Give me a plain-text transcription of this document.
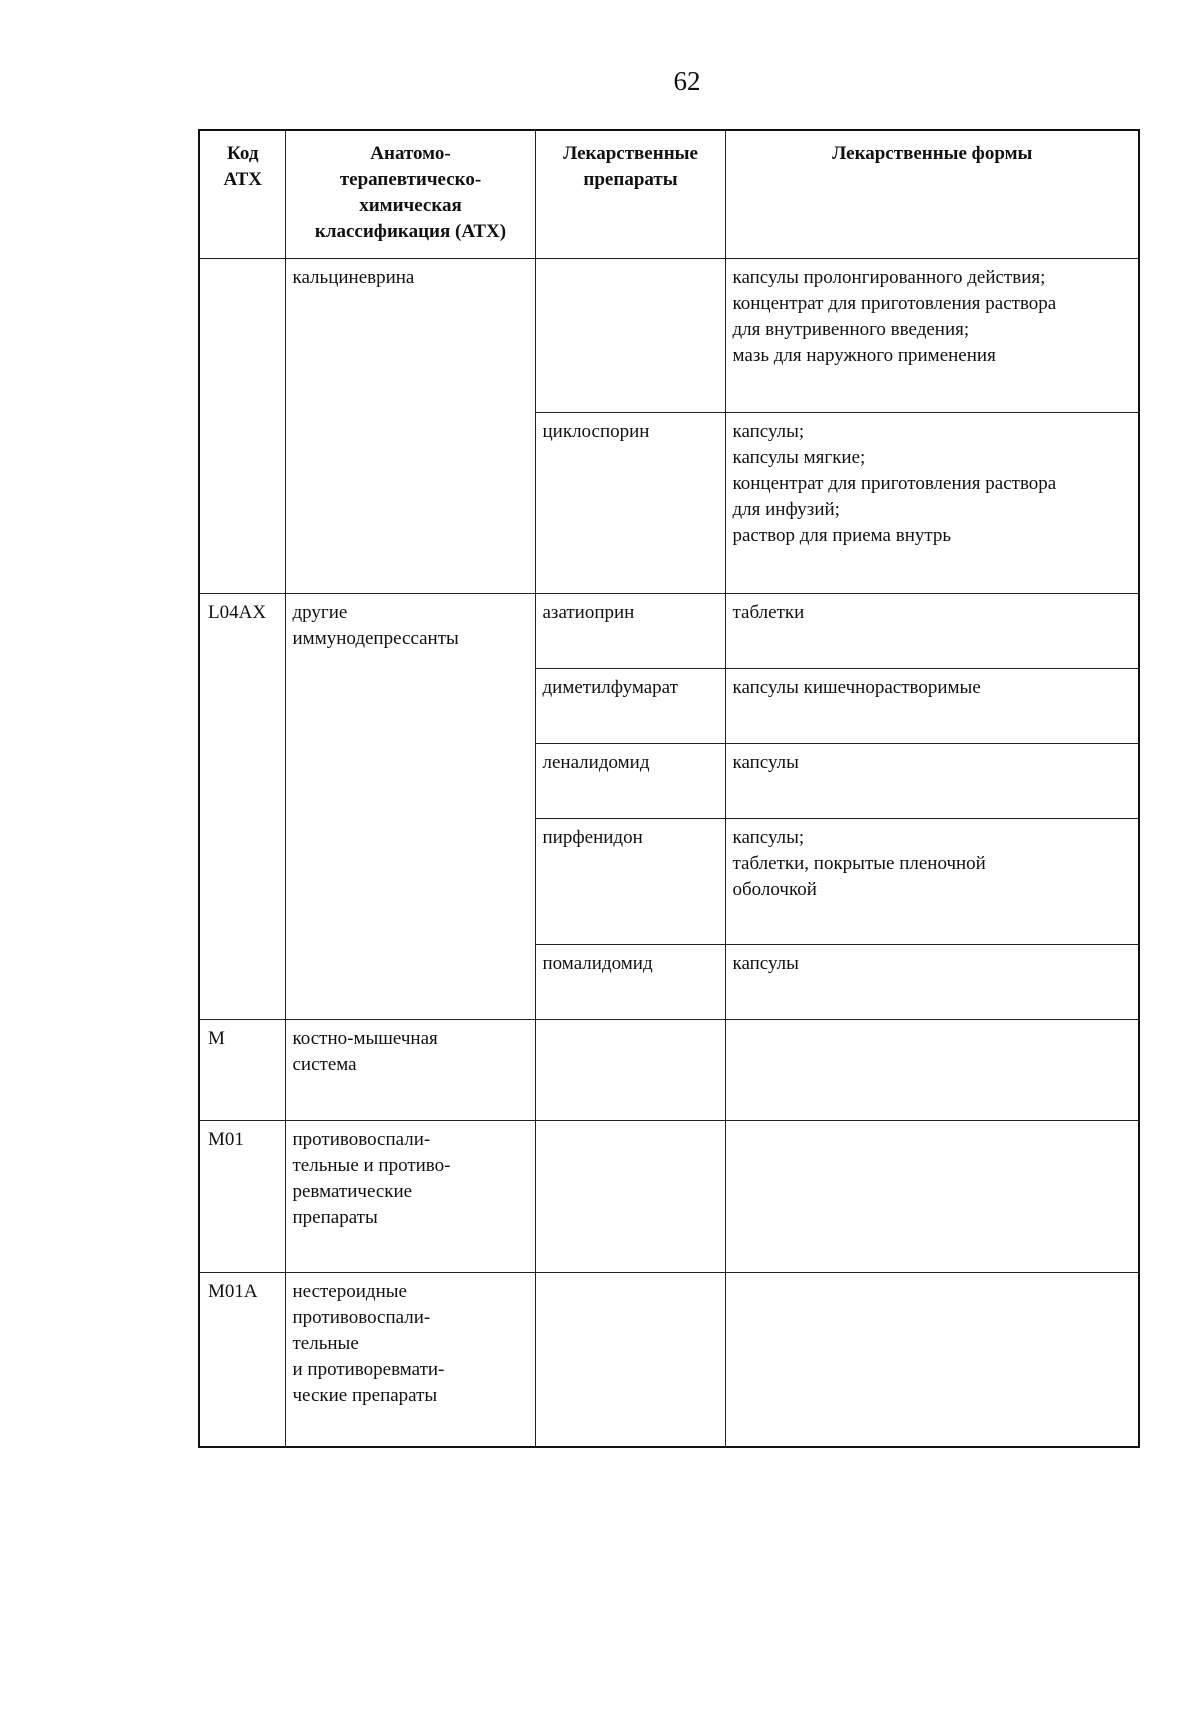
62
Код
АТХ	Анатомо-
терапевтическо-
химическая
классификация (АТХ)	Лекарственные
препараты	Лекарственные формы
	кальциневрина		капсулы пролонгированного действия;
концентрат для приготовления раствора
для внутривенного введения;
мазь для наружного применения
		циклоспорин	капсулы;
капсулы мягкие;
концентрат для приготовления раствора
для инфузий;
раствор для приема внутрь
L04AX	другие
иммунодепрессанты	азатиоприн	таблетки
		диметилфумарат	капсулы кишечнорастворимые
		леналидомид	капсулы
		пирфенидон	капсулы;
таблетки, покрытые пленочной
оболочкой
		помалидомид	капсулы
M	костно-мышечная
система		
M01	противовоспали-
тельные и противо-
ревматические
препараты		
M01A	нестероидные
противовоспали-
тельные
и противоревмати-
ческие препараты		
